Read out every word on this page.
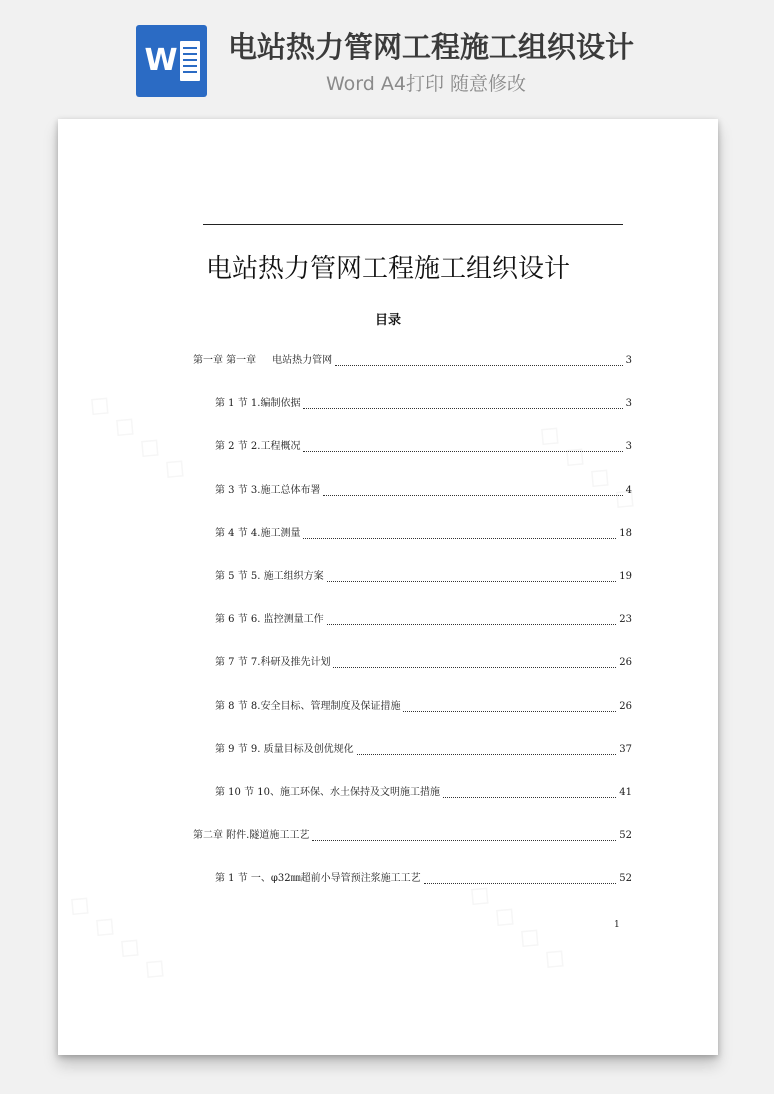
W 电站热力管网工程施工组织设计
Word A4打印 随意修改
电站热力管网工程施工组织设计
目录
第一章 第一章     电站热力管网	3
第 1 节 1.编制依据	3
第 2 节 2.工程概况	3
第 3 节 3.施工总体布署	4
第 4 节 4.施工测量	18
第 5 节 5. 施工组织方案	19
第 6 节 6. 监控测量工作	23
第 7 节 7.科研及推先计划	26
第 8 节 8.安全目标、管理制度及保证措施	26
第 9 节 9. 质量目标及创优规化	37
第 10 节 10、施工环保、水土保持及文明施工措施	41
第二章 附件.隧道施工工艺	52
第 1 节 一、φ32㎜超前小导管预注浆施工工艺	52
1
